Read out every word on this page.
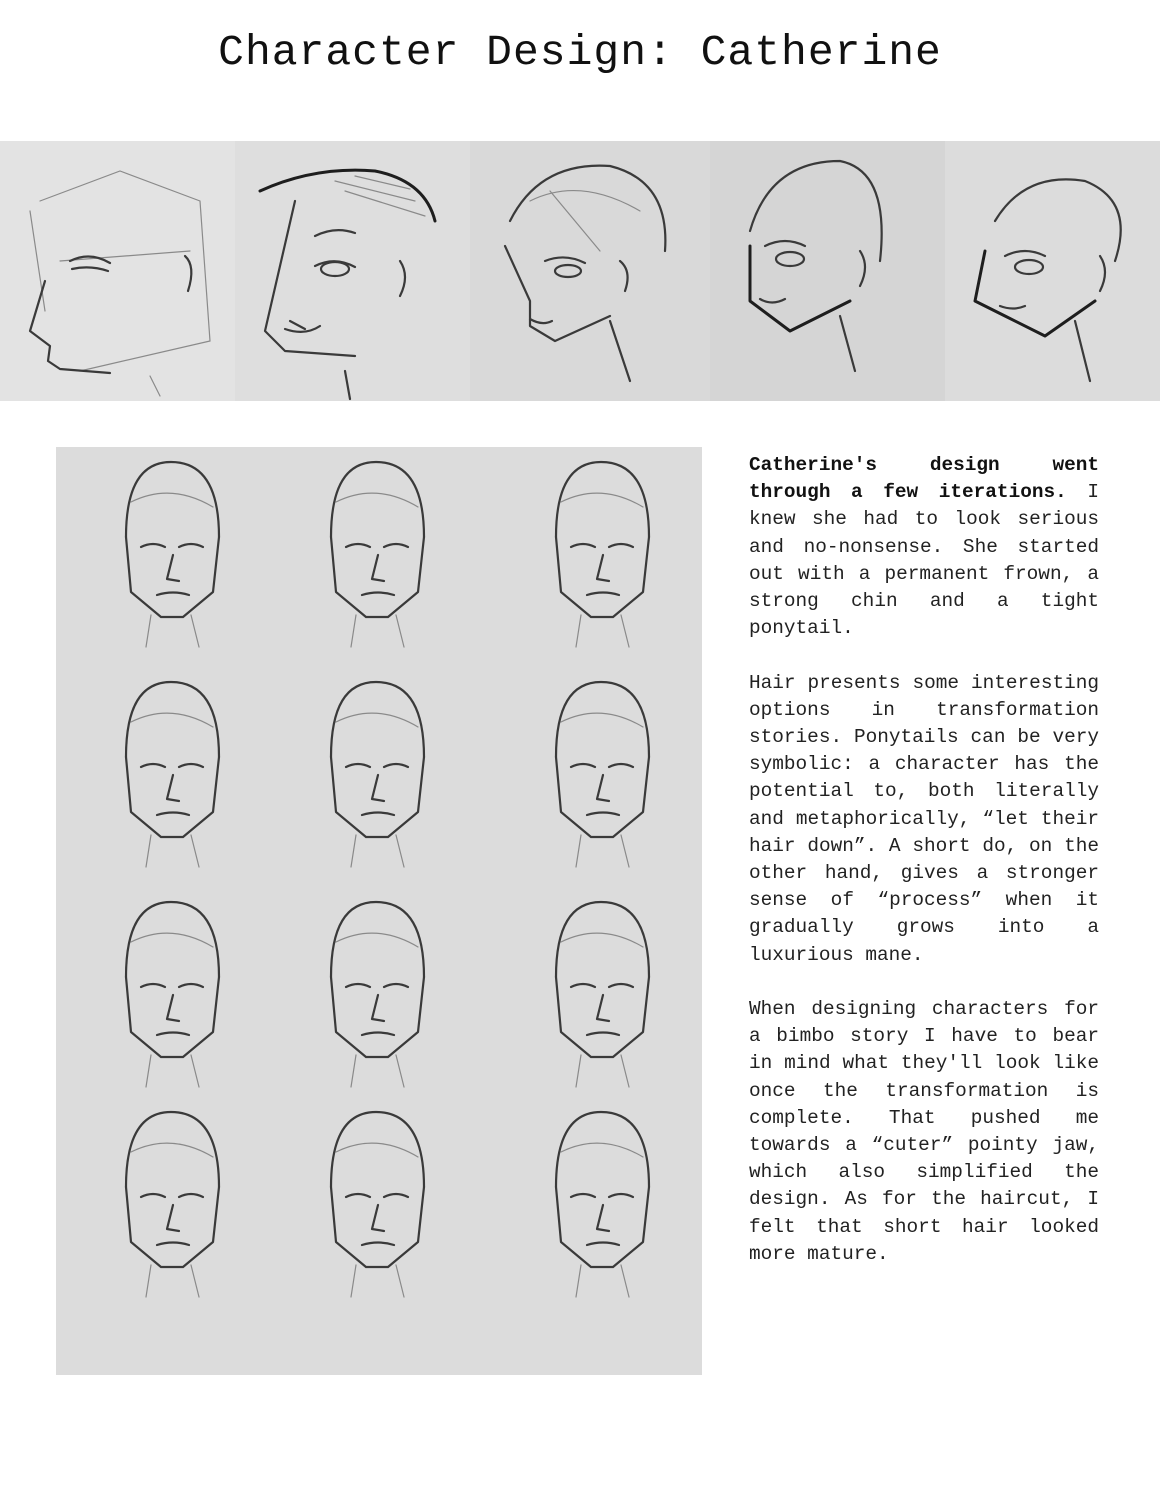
Character Design: Catherine

Catherine's design went through a few iterations. I knew she had to look serious and no-nonsense. She started out with a permanent frown, a strong chin and a tight ponytail.

Hair presents some interesting options in transformation stories. Ponytails can be very symbolic: a character has the potential to, both literally and metaphorically, “let their hair down”. A short do, on the other hand, gives a stronger sense of “process” when it gradually grows into a luxurious mane.

When designing characters for a bimbo story I have to bear in mind what they'll look like once the transformation is complete. That pushed me towards a “cuter” pointy jaw, which also simplified the design. As for the haircut, I felt that short hair looked more mature.
